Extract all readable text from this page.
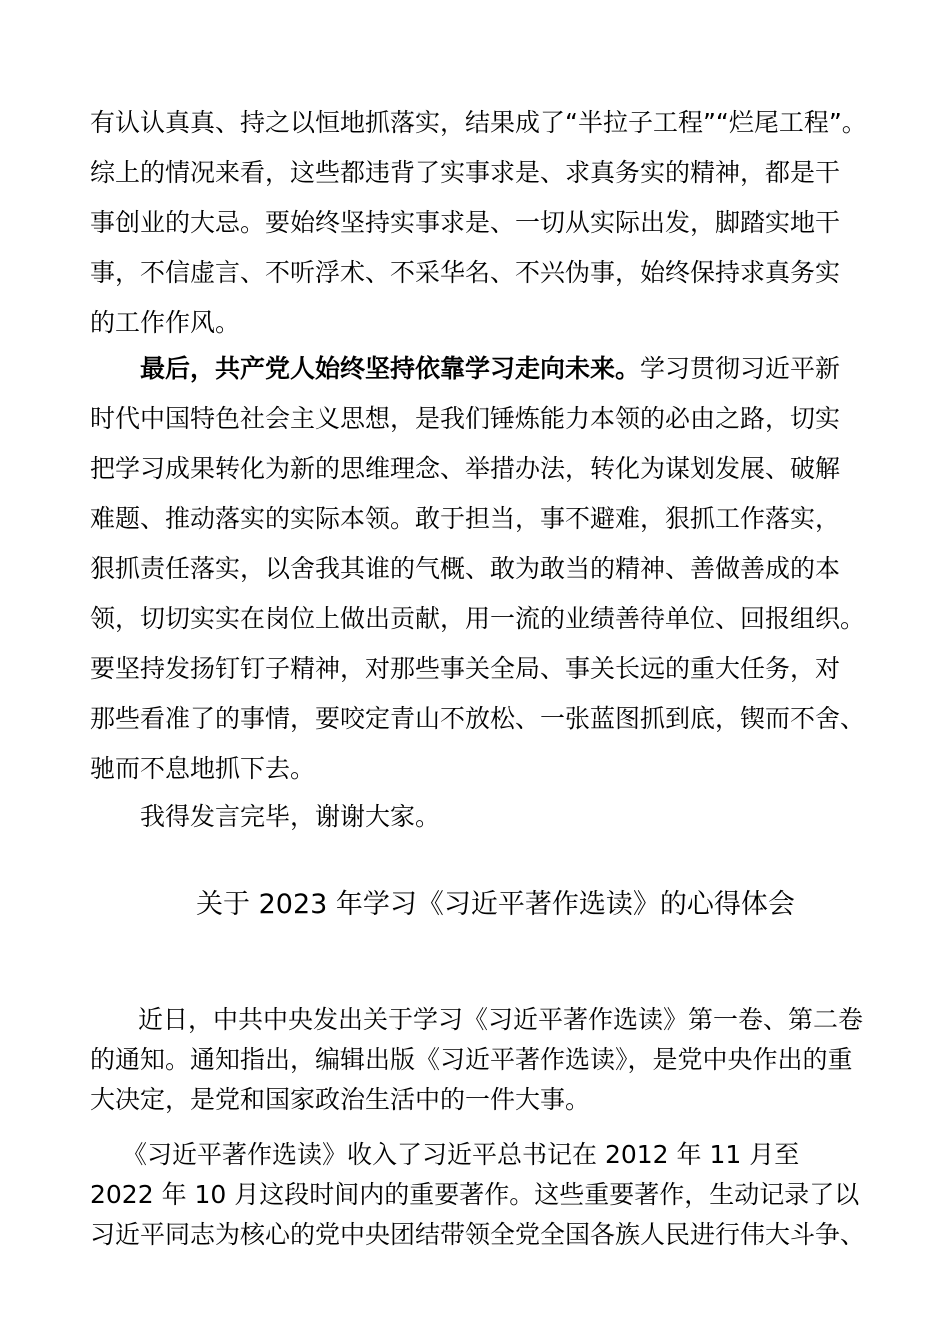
有认认真真、持之以恒地抓落实，结果成了“半拉子工程”“烂尾工程”。
综上的情况来看，这些都违背了实事求是、求真务实的精神，都是干
事创业的大忌。要始终坚持实事求是、一切从实际出发，脚踏实地干
事，不信虚言、不听浮术、不采华名、不兴伪事，始终保持求真务实
的工作作风。
最后，共产党人始终坚持依靠学习走向未来。学习贯彻习近平新
时代中国特色社会主义思想，是我们锤炼能力本领的必由之路，切实
把学习成果转化为新的思维理念、举措办法，转化为谋划发展、破解
难题、推动落实的实际本领。敢于担当，事不避难，狠抓工作落实，
狠抓责任落实，以舍我其谁的气概、敢为敢当的精神、善做善成的本
领，切切实实在岗位上做出贡献，用一流的业绩善待单位、回报组织。
要坚持发扬钉钉子精神，对那些事关全局、事关长远的重大任务，对
那些看准了的事情，要咬定青山不放松、一张蓝图抓到底，锲而不舍、
驰而不息地抓下去。
我得发言完毕，谢谢大家。
关于 2023 年学习《习近平著作选读》的心得体会
近日，中共中央发出关于学习《习近平著作选读》第一卷、第二卷
的通知。通知指出，编辑出版《习近平著作选读》，是党中央作出的重
大决定，是党和国家政治生活中的一件大事。
《习近平著作选读》收入了习近平总书记在 2012 年 11 月至
2022 年 10 月这段时间内的重要著作。这些重要著作，生动记录了以
习近平同志为核心的党中央团结带领全党全国各族人民进行伟大斗争、
